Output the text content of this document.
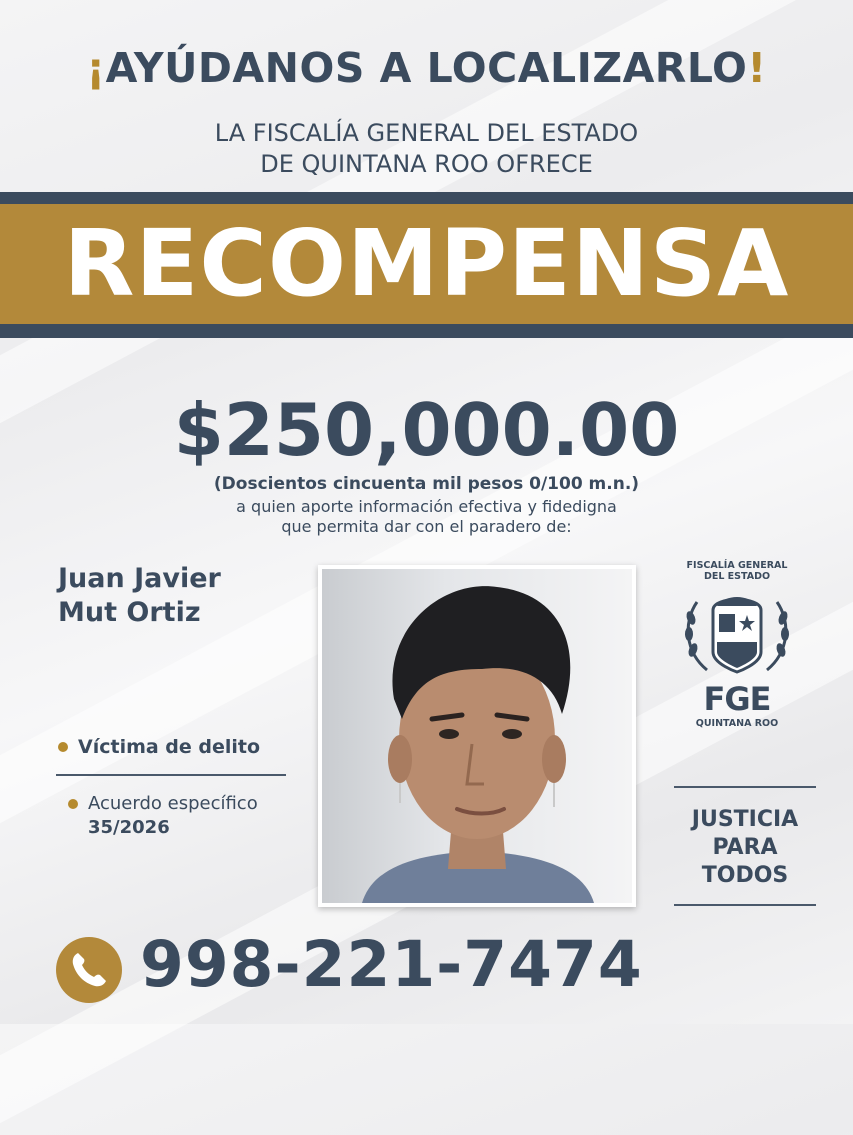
¡AYÚDANOS A LOCALIZARLO!
LA FISCALÍA GENERAL DEL ESTADO
DE QUINTANA ROO OFRECE
RECOMPENSA
$250,000.00
(Doscientos cincuenta mil pesos 0/100 m.n.)
a quien aporte información efectiva y fidedigna
que permita dar con el paradero de:
Juan Javier
Mut Ortiz
Víctima de delito
Acuerdo específico
35/2026
FISCALÍA GENERAL
DEL ESTADO
FGE
QUINTANA ROO
JUSTICIA
PARA
TODOS
998-221-7474
